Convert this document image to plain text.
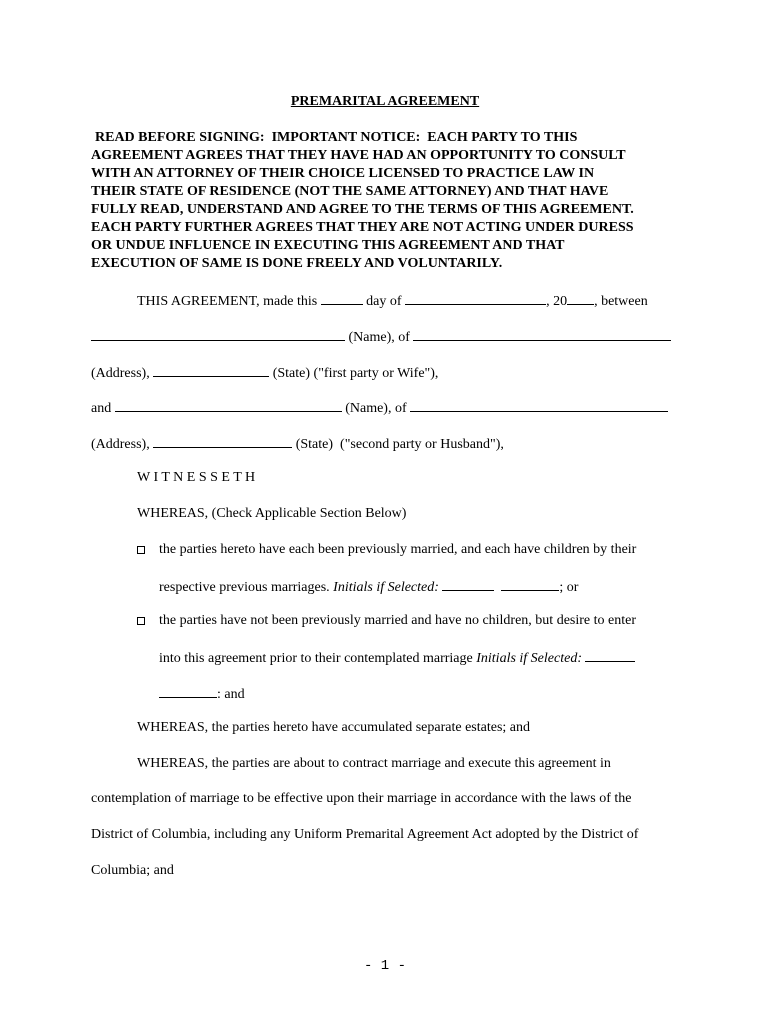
PREMARITAL AGREEMENT
READ BEFORE SIGNING:  IMPORTANT NOTICE:  EACH PARTY TO THIS
AGREEMENT AGREES THAT THEY HAVE HAD AN OPPORTUNITY TO CONSULT
WITH AN ATTORNEY OF THEIR CHOICE LICENSED TO PRACTICE LAW IN
THEIR STATE OF RESIDENCE (NOT THE SAME ATTORNEY) AND THAT HAVE
FULLY READ, UNDERSTAND AND AGREE TO THE TERMS OF THIS AGREEMENT.
EACH PARTY FURTHER AGREES THAT THEY ARE NOT ACTING UNDER DURESS
OR UNDUE INFLUENCE IN EXECUTING THIS AGREEMENT AND THAT
EXECUTION OF SAME IS DONE FREELY AND VOLUNTARILY.
THIS AGREEMENT, made this	day of	, 20 , between
(Name), of
(Address),	(State) ("first party or Wife"),
and	(Name), of
(Address),	(State)  ("second party or Husband"),
W I T N E S S E T H
WHEREAS, (Check Applicable Section Below)
the parties hereto have each been previously married, and each have children by their
respective previous marriages. Initials if Selected:	; or
the parties have not been previously married and have no children, but desire to enter
into this agreement prior to their contemplated marriage Initials if Selected:
: and
WHEREAS, the parties hereto have accumulated separate estates; and
WHEREAS, the parties are about to contract marriage and execute this agreement in
contemplation of marriage to be effective upon their marriage in accordance with the laws of the
District of Columbia, including any Uniform Premarital Agreement Act adopted by the District of
Columbia; and
- 1 -
